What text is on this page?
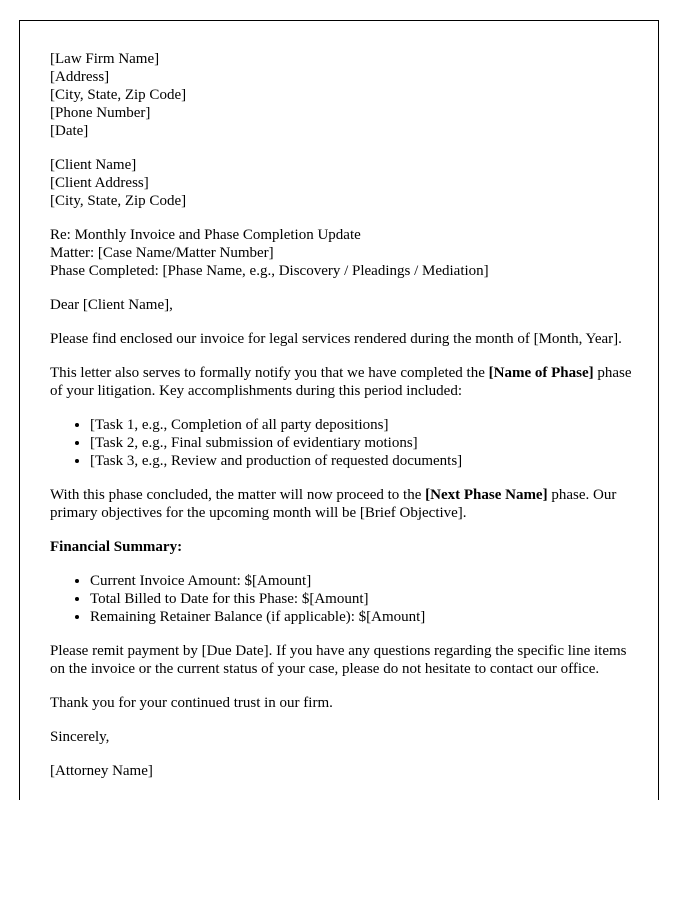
[Law Firm Name]
[Address]
[City, State, Zip Code]
[Phone Number]
[Date]
[Client Name]
[Client Address]
[City, State, Zip Code]
Re: Monthly Invoice and Phase Completion Update
Matter: [Case Name/Matter Number]
Phase Completed: [Phase Name, e.g., Discovery / Pleadings / Mediation]

Dear [Client Name],

Please find enclosed our invoice for legal services rendered during the month of [Month, Year].

This letter also serves to formally notify you that we have completed the [Name of Phase] phase of your litigation. Key accomplishments during this period included:

• [Task 1, e.g., Completion of all party depositions]
• [Task 2, e.g., Final submission of evidentiary motions]
• [Task 3, e.g., Review and production of requested documents]

With this phase concluded, the matter will now proceed to the [Next Phase Name] phase. Our primary objectives for the upcoming month will be [Brief Objective].

Financial Summary:

• Current Invoice Amount: $[Amount]
• Total Billed to Date for this Phase: $[Amount]
• Remaining Retainer Balance (if applicable): $[Amount]

Please remit payment by [Due Date]. If you have any questions regarding the specific line items on the invoice or the current status of your case, please do not hesitate to contact our office.

Thank you for your continued trust in our firm.

Sincerely,

[Attorney Name]
